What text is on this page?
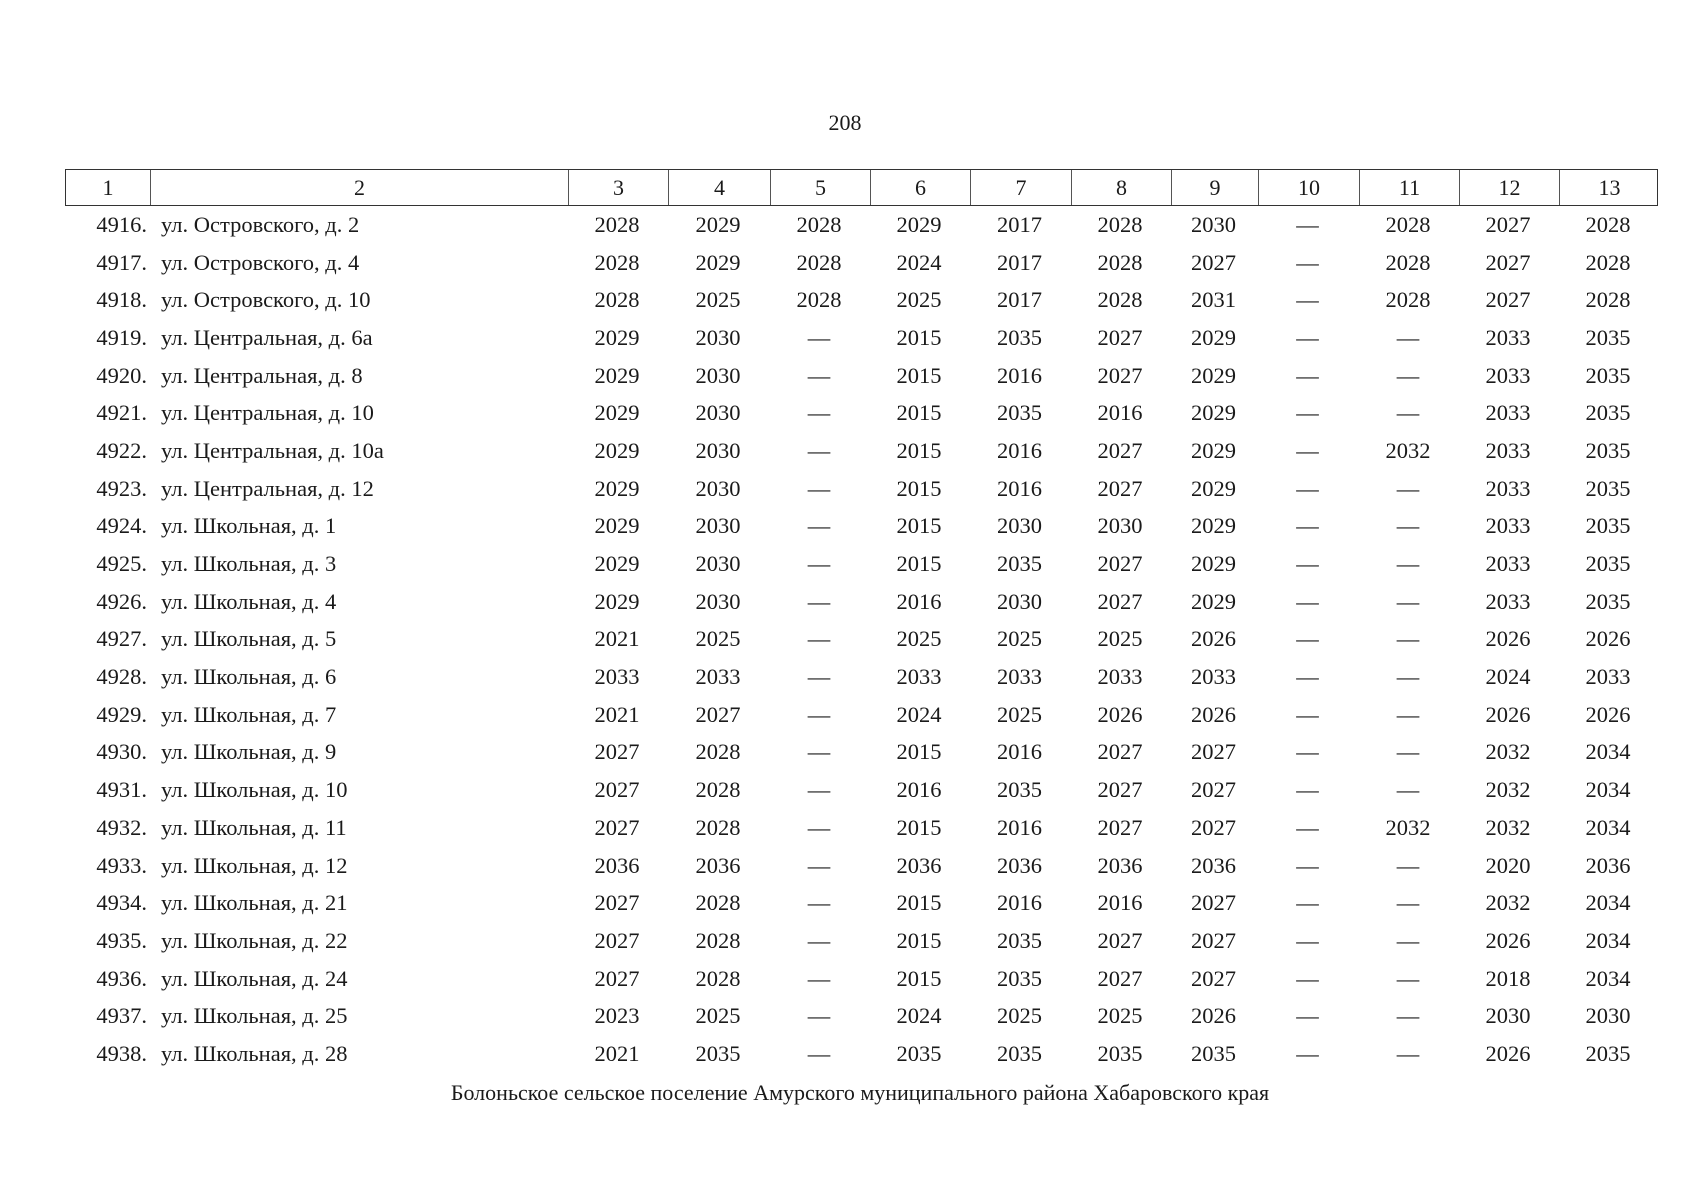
208
1	2	3	4	5	6	7	8	9	10	11	12	13
4916. ул. Островского, д. 2	2028	2029	2028	2029	2017	2028	2030	—	2028	2027	2028
4917. ул. Островского, д. 4	2028	2029	2028	2024	2017	2028	2027	—	2028	2027	2028
4918. ул. Островского, д. 10	2028	2025	2028	2025	2017	2028	2031	—	2028	2027	2028
4919. ул. Центральная, д. 6а	2029	2030	—	2015	2035	2027	2029	—	—	2033	2035
4920. ул. Центральная, д. 8	2029	2030	—	2015	2016	2027	2029	—	—	2033	2035
4921. ул. Центральная, д. 10	2029	2030	—	2015	2035	2016	2029	—	—	2033	2035
4922. ул. Центральная, д. 10а	2029	2030	—	2015	2016	2027	2029	—	2032	2033	2035
4923. ул. Центральная, д. 12	2029	2030	—	2015	2016	2027	2029	—	—	2033	2035
4924. ул. Школьная, д. 1	2029	2030	—	2015	2030	2030	2029	—	—	2033	2035
4925. ул. Школьная, д. 3	2029	2030	—	2015	2035	2027	2029	—	—	2033	2035
4926. ул. Школьная, д. 4	2029	2030	—	2016	2030	2027	2029	—	—	2033	2035
4927. ул. Школьная, д. 5	2021	2025	—	2025	2025	2025	2026	—	—	2026	2026
4928. ул. Школьная, д. 6	2033	2033	—	2033	2033	2033	2033	—	—	2024	2033
4929. ул. Школьная, д. 7	2021	2027	—	2024	2025	2026	2026	—	—	2026	2026
4930. ул. Школьная, д. 9	2027	2028	—	2015	2016	2027	2027	—	—	2032	2034
4931. ул. Школьная, д. 10	2027	2028	—	2016	2035	2027	2027	—	—	2032	2034
4932. ул. Школьная, д. 11	2027	2028	—	2015	2016	2027	2027	—	2032	2032	2034
4933. ул. Школьная, д. 12	2036	2036	—	2036	2036	2036	2036	—	—	2020	2036
4934. ул. Школьная, д. 21	2027	2028	—	2015	2016	2016	2027	—	—	2032	2034
4935. ул. Школьная, д. 22	2027	2028	—	2015	2035	2027	2027	—	—	2026	2034
4936. ул. Школьная, д. 24	2027	2028	—	2015	2035	2027	2027	—	—	2018	2034
4937. ул. Школьная, д. 25	2023	2025	—	2024	2025	2025	2026	—	—	2030	2030
4938. ул. Школьная, д. 28	2021	2035	—	2035	2035	2035	2035	—	—	2026	2035
Болоньское сельское поселение Амурского муниципального района Хабаровского края
